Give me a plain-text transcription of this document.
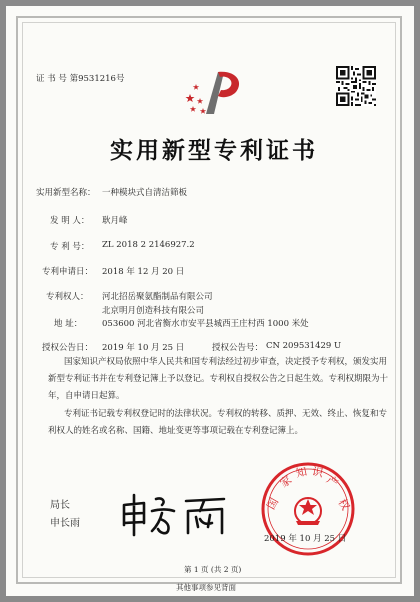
证 书 号 第9531216号
实用新型专利证书
实用新型名称： 一种模块式自清洁筛板
发 明 人： 耿月峰
专 利 号： ZL 2018 2 2146927.2
专利申请日： 2018 年 12 月 20 日
专利权人： 河北招岳聚氨酯制品有限公司
北京明月创造科技有限公司
地 址： 053600 河北省衡水市安平县城西王庄村西 1000 米处
授权公告日： 2019 年 10 月 25 日	授权公告号： CN 209531429 U
国家知识产权局依照中华人民共和国专利法经过初步审查，决定授予专利权，颁发实用
新型专利证书并在专利登记簿上予以登记。专利权自授权公告之日起生效。专利权期限为十
年，自申请日起算。
专利证书记载专利权登记时的法律状况。专利权的转移、质押、无效、终止、恢复和专
利权人的姓名或名称、国籍、地址变更等事项记载在专利登记簿上。
局长
申长雨
国
家
知 识
产
权
2019 年 10 月 25 日
第 1 页 (共 2 页)
其他事项参见背面
